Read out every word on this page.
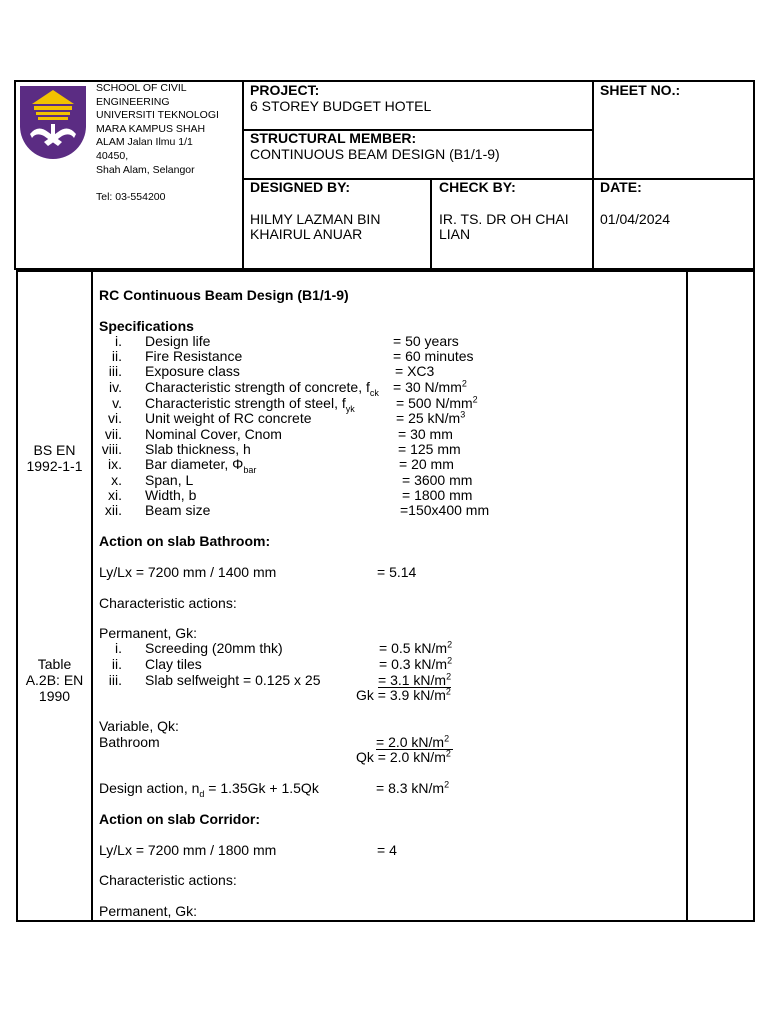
SCHOOL OF CIVIL
ENGINEERING
UNIVERSITI TEKNOLOGI
MARA KAMPUS SHAH
ALAM Jalan Ilmu 1/1
40450,
Shah Alam, Selangor
Tel: 03-554200
PROJECT:
6 STOREY BUDGET HOTEL
STRUCTURAL MEMBER:
CONTINUOUS BEAM DESIGN (B1/1-9)
SHEET NO.:
DESIGNED BY:
HILMY LAZMAN BIN
KHAIRUL ANUAR
CHECK BY:
IR. TS. DR OH CHAI
LIAN
DATE:
01/04/2024
BS EN
1992-1-1
Table
A.2B: EN
1990
RC Continuous Beam Design (B1/1-9)
Specifications
i. Design life	= 50 years
ii. Fire Resistance	= 60 minutes
iii. Exposure class	= XC3
iv. Characteristic strength of concrete, $f_{ck} = 30$ $N/mm^2$
v. Characteristic strength of steel, $f_{yk}$	= 500 $N/mm^2$
vi. Unit weight of RC concrete	= 25 $kN/m^3$
vii. Nominal Cover, Cnom	= 30 mm
viii. Slab thickness, h	= 125 mm
ix. Bar diameter, $\Phi_{bar}$	= 20 mm
x. Span, L	= 3600 mm
xi. Width, b	= 1800 mm
xii. Beam size	=150x400 mm
Action on slab Bathroom:
Ly/Lx = 7200 mm / 1400 mm	= 5.14
Characteristic actions:
Permanent, Gk:
i. Screeding (20mm thk)	= 0.5 $kN/m^2$
ii. Clay tiles	= 0.3 $kN/m^2$
iii. Slab selfweight = 0.125 x 25	= 3.1 $kN/m^2$
Gk = 3.9 $kN/m^2$
Variable, Qk:
Bathroom	= 2.0 $kN/m^2$
Qk = 2.0 $kN/m^2$
Design action, $n_d = 1.35Gk + 1.5Qk$	= 8.3 $kN/m^2$
Action on slab Corridor:
Ly/Lx = 7200 mm / 1800 mm	= 4
Characteristic actions:
Permanent, Gk:
